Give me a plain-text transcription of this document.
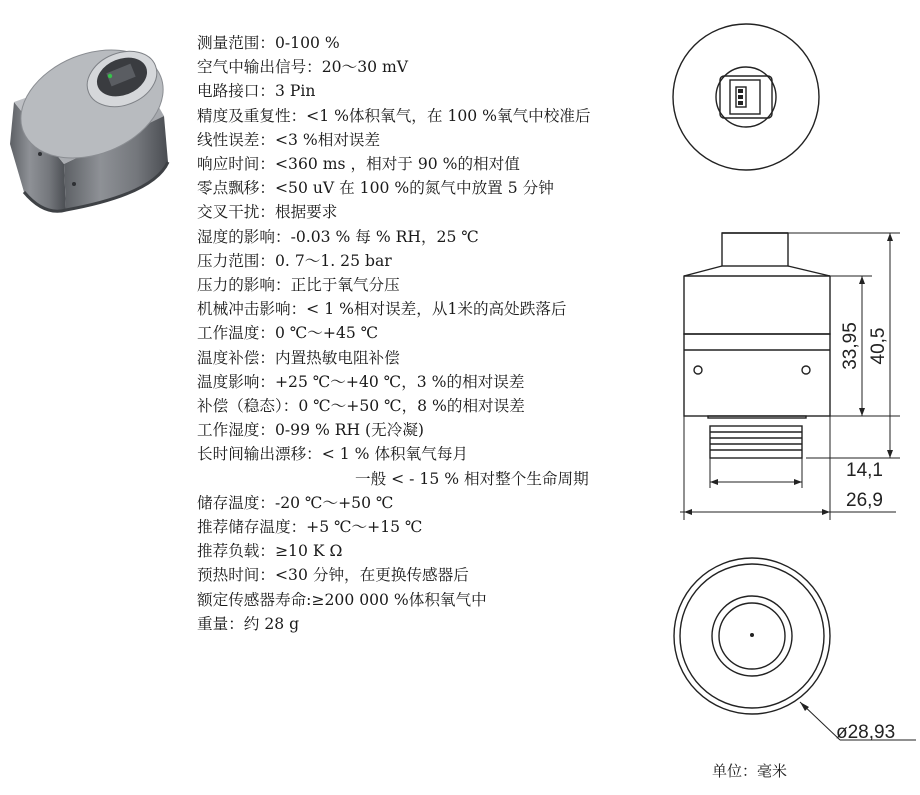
测量范围：0-100 %
空气中输出信号：20～30 mV
电路接口：3 Pin
精度及重复性：<1 %体积氧气，在 100 %氧气中校准后
线性误差：<3 %相对误差
响应时间：<360 ms ，相对于 90 %的相对值
零点飘移：<50 uV 在 100 %的氮气中放置 5 分钟
交叉干扰：根据要求
湿度的影响：-0.03 % 每 % RH，25 ℃
压力范围：0. 7～1. 25 bar
压力的影响：正比于氧气分压
机械冲击影响：< 1 %相对误差，从1米的高处跌落后
工作温度：0 ℃～+45 ℃
温度补偿：内置热敏电阻补偿
温度影响：+25 ℃～+40 ℃，3 %的相对误差
补偿（稳态）：0 ℃～+50 ℃，8 %的相对误差
工作湿度：0-99 % RH (无冷凝)
长时间输出漂移：< 1 % 体积氧气每月
一般 < - 15 % 相对整个生命周期
储存温度：-20 ℃～+50 ℃
推荐储存温度：+5 ℃～+15 ℃
推荐负载：≥10 K Ω
预热时间：<30 分钟，在更换传感器后
额定传感器寿命:≥200 000 %体积氧气中
重量：约 28 g
33,95 40,5
14,1
26,9
ø28,93
单位：毫米
